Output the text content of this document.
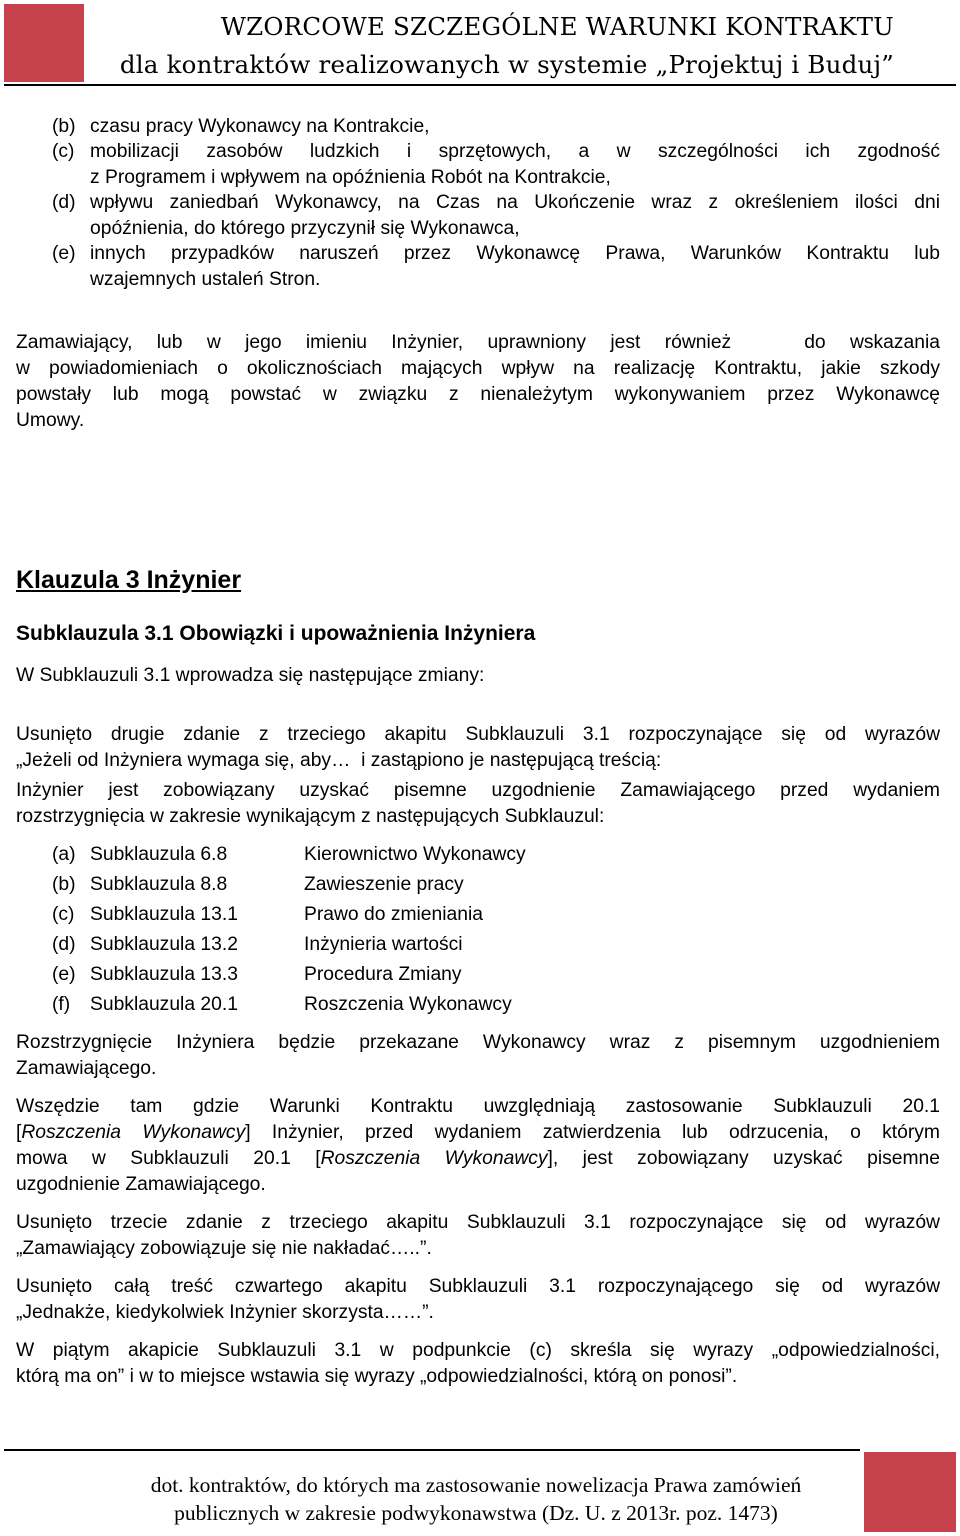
WZORCOWE SZCZEGÓLNE WARUNKI KONTRAKTU
dla kontraktów realizowanych w systemie „Projektuj i Buduj”
(b) czasu pracy Wykonawcy na Kontrakcie,
(c) mobilizacji zasobów ludzkich i sprzętowych, a w szczególności ich zgodność
z Programem i wpływem na opóźnienia Robót na Kontrakcie,
(d) wpływu zaniedbań Wykonawcy, na Czas na Ukończenie wraz z określeniem ilości dni
opóźnienia, do którego przyczynił się Wykonawca,
(e) innych przypadków naruszeń przez Wykonawcę Prawa, Warunków Kontraktu lub
wzajemnych ustaleń Stron.
Zamawiający, lub w jego imieniu Inżynier, uprawniony jest również   do wskazania
w powiadomieniach o okolicznościach mających wpływ na realizację Kontraktu, jakie szkody
powstały lub mogą powstać w związku z nienależytym wykonywaniem przez Wykonawcę
Umowy.
Klauzula 3 Inżynier
Subklauzula 3.1 Obowiązki i upoważnienia Inżyniera
W Subklauzuli 3.1 wprowadza się następujące zmiany:
Usunięto drugie zdanie z trzeciego akapitu Subklauzuli 3.1 rozpoczynające się od wyrazów
„Jeżeli od Inżyniera wymaga się, aby…  i zastąpiono je następującą treścią:
Inżynier jest zobowiązany uzyskać pisemne uzgodnienie Zamawiającego przed wydaniem
rozstrzygnięcia w zakresie wynikającym z następujących Subklauzul:
(a) Subklauzula 6.8	Kierownictwo Wykonawcy
(b) Subklauzula 8.8	Zawieszenie pracy
(c) Subklauzula 13.1	Prawo do zmieniania
(d) Subklauzula 13.2	Inżynieria wartości
(e) Subklauzula 13.3	Procedura Zmiany
(f) Subklauzula 20.1	Roszczenia Wykonawcy
Rozstrzygnięcie Inżyniera będzie przekazane Wykonawcy wraz z pisemnym uzgodnieniem
Zamawiającego.
Wszędzie tam gdzie Warunki Kontraktu uwzględniają zastosowanie Subklauzuli 20.1
[Roszczenia Wykonawcy] Inżynier, przed wydaniem zatwierdzenia lub odrzucenia, o którym
mowa w Subklauzuli 20.1 [Roszczenia Wykonawcy], jest zobowiązany uzyskać pisemne
uzgodnienie Zamawiającego.
Usunięto trzecie zdanie z trzeciego akapitu Subklauzuli 3.1 rozpoczynające się od wyrazów
„Zamawiający zobowiązuje się nie nakładać…..”.
Usunięto całą treść czwartego akapitu Subklauzuli 3.1 rozpoczynającego się od wyrazów
„Jednakże, kiedykolwiek Inżynier skorzysta……”.
W piątym akapicie Subklauzuli 3.1 w podpunkcie (c) skreśla się wyrazy „odpowiedzialności,
którą ma on” i w to miejsce wstawia się wyrazy „odpowiedzialności, którą on ponosi”.
dot. kontraktów, do których ma zastosowanie nowelizacja Prawa zamówień
publicznych w zakresie podwykonawstwa (Dz. U. z 2013r. poz. 1473)
